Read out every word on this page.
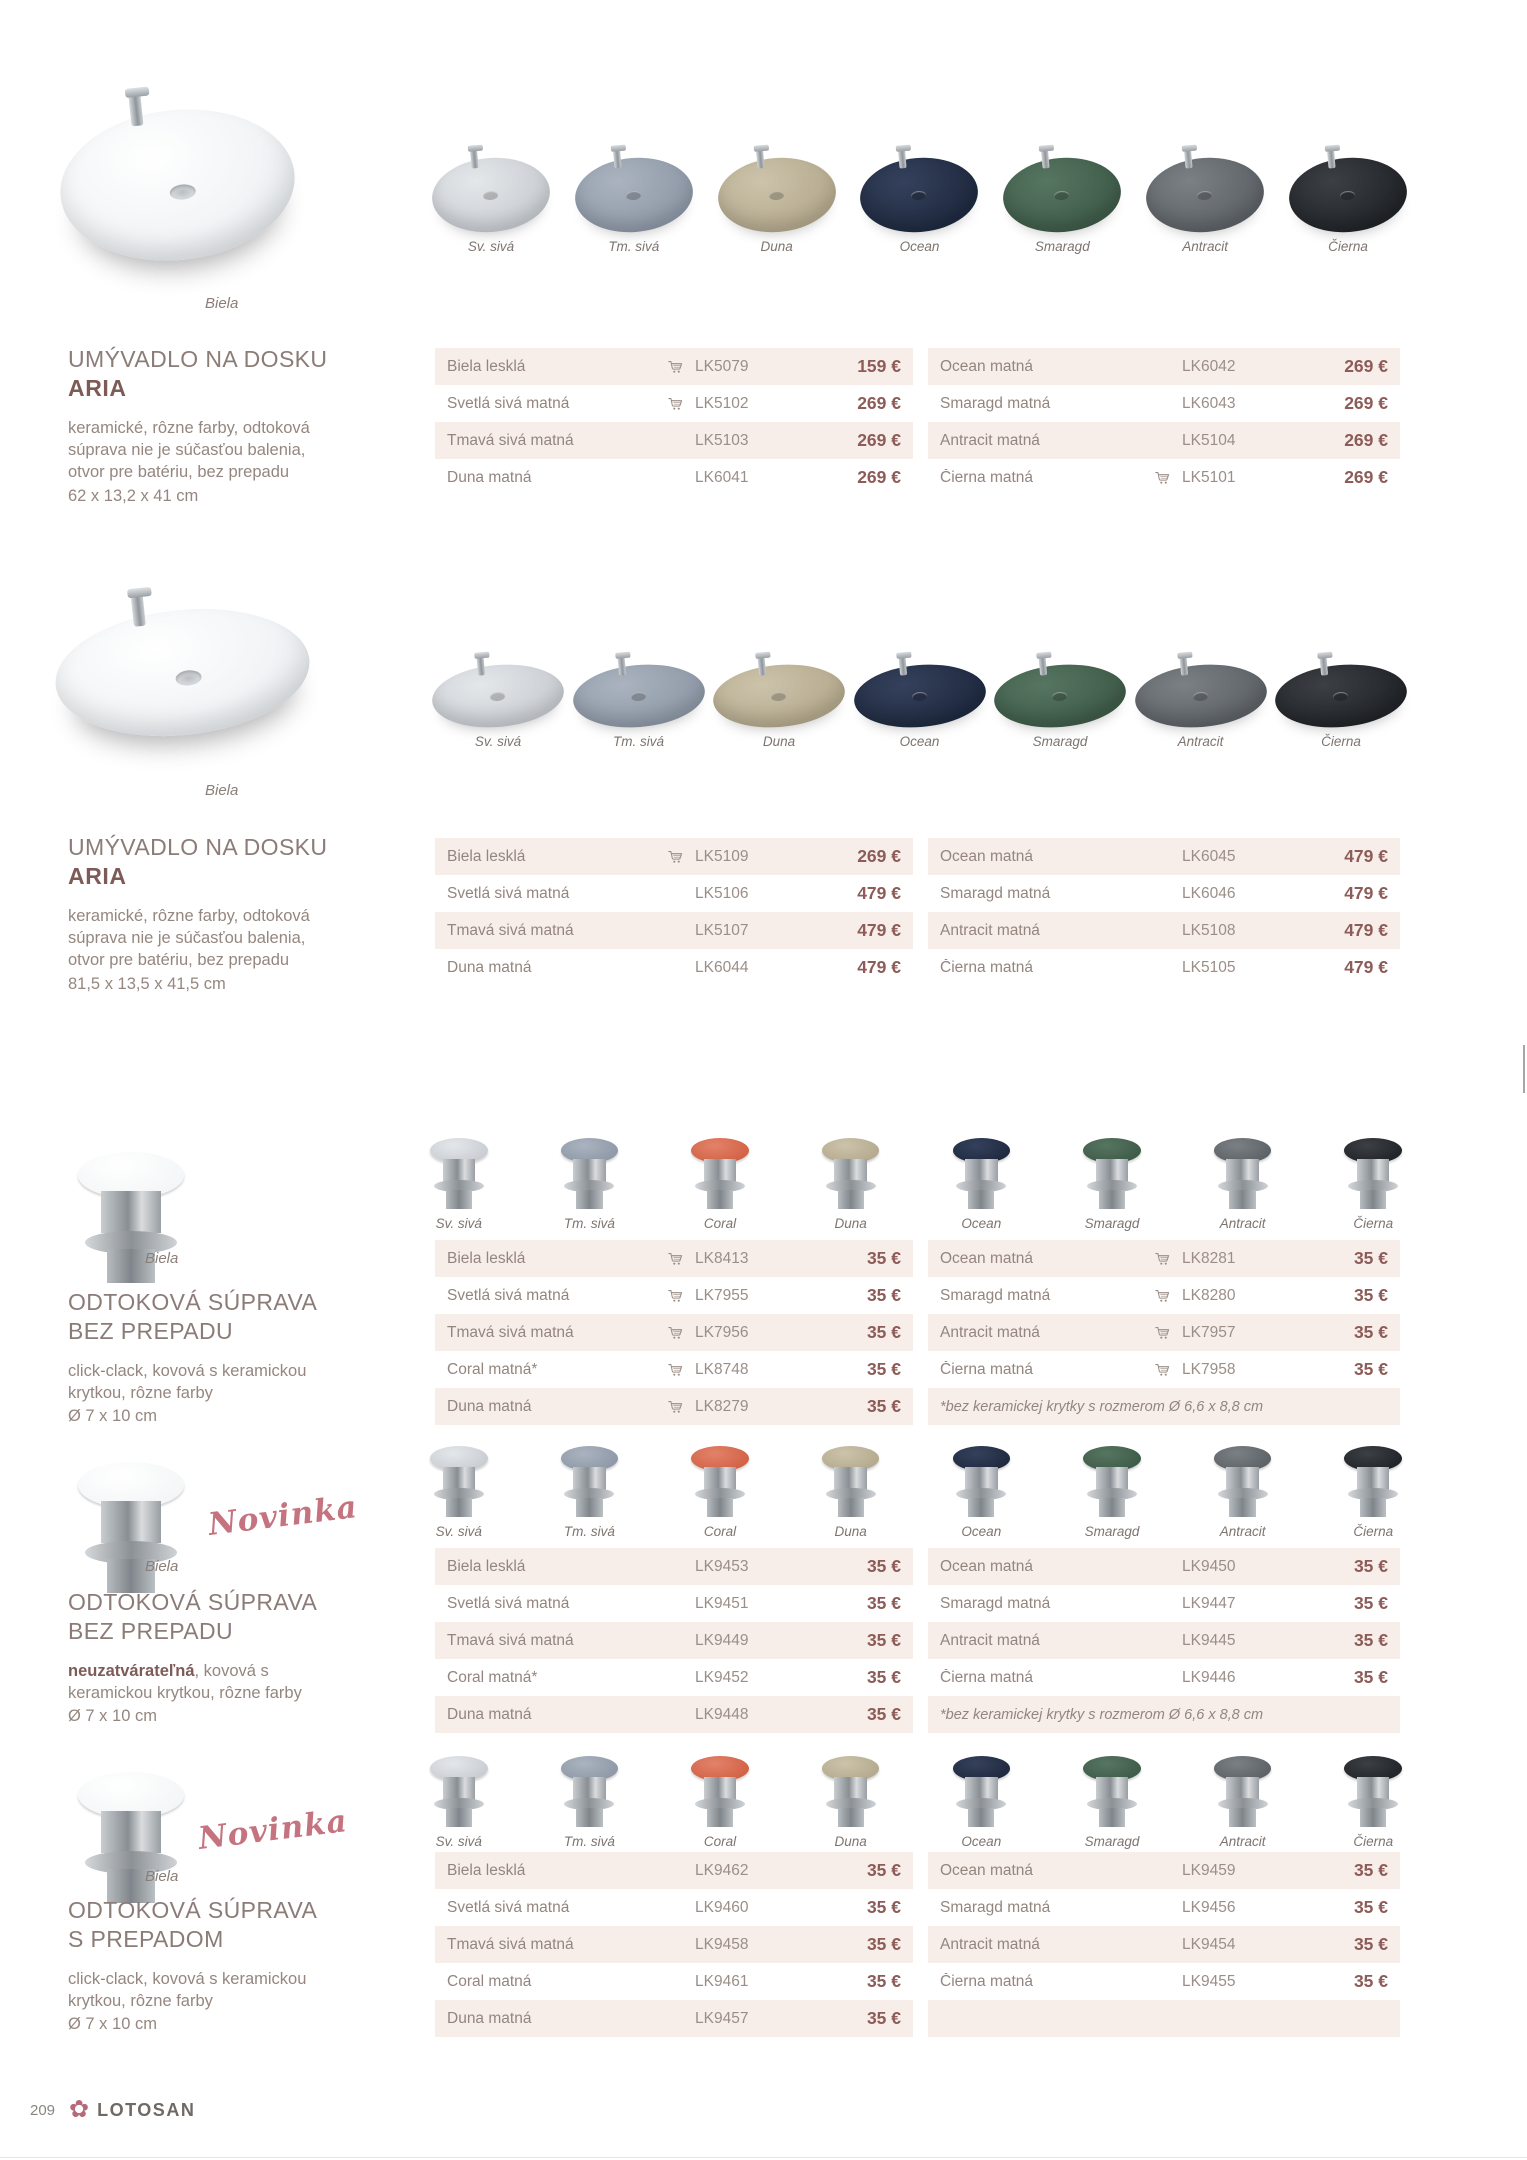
Biela

UMÝVADLO NA DOSKU

ARIA

keramické, rôzne farby, odtoková súprava nie je súčasťou balenia, otvor pre batériu, bez prepadu

62 x 13,2 x 41 cm

Sv. sivá	Tm. sivá	Duna	Ocean	Smaragd	Antracit	Čierna
Biela lesklá	LK5079	159 €
Svetlá sivá matná	LK5102	269 €
Tmavá sivá matná	LK5103	269 €
Duna matná	LK6041	269 €
Ocean matná	LK6042	269 €
Smaragd matná	LK6043	269 €
Antracit matná	LK5104	269 €
Čierna matná	LK5101	269 €
Biela

UMÝVADLO NA DOSKU

ARIA

keramické, rôzne farby, odtoková súprava nie je súčasťou balenia, otvor pre batériu, bez prepadu

81,5 x 13,5 x 41,5 cm

Sv. sivá	Tm. sivá	Duna	Ocean	Smaragd	Antracit	Čierna
Biela lesklá	LK5109	269 €
Svetlá sivá matná	LK5106	479 €
Tmavá sivá matná	LK5107	479 €
Duna matná	LK6044	479 €
Ocean matná	LK6045	479 €
Smaragd matná	LK6046	479 €
Antracit matná	LK5108	479 €
Čierna matná	LK5105	479 €
Biela

ODTOKOVÁ SÚPRAVA

BEZ PREPADU

click-clack, kovová s keramickou krytkou, rôzne farby

Ø 7 x 10 cm

Sv. sivá	Tm. sivá	Coral	Duna	Ocean	Smaragd	Antracit	Čierna
Biela lesklá	LK8413	35 €
Svetlá sivá matná	LK7955	35 €
Tmavá sivá matná	LK7956	35 €
Coral matná*	LK8748	35 €
Duna matná	LK8279	35 €
Ocean matná	LK8281	35 €
Smaragd matná	LK8280	35 €
Antracit matná	LK7957	35 €
Čierna matná	LK7958	35 €
*bez keramickej krytky s rozmerom Ø 6,6 x 8,8 cm
Biela
Novinka

ODTOKOVÁ SÚPRAVA

BEZ PREPADU

neuzatvárateľná, kovová s keramickou krytkou, rôzne farby

Ø 7 x 10 cm

Sv. sivá	Tm. sivá	Coral	Duna	Ocean	Smaragd	Antracit	Čierna
Biela lesklá	LK9453	35 €
Svetlá sivá matná	LK9451	35 €
Tmavá sivá matná	LK9449	35 €
Coral matná*	LK9452	35 €
Duna matná	LK9448	35 €
Ocean matná	LK9450	35 €
Smaragd matná	LK9447	35 €
Antracit matná	LK9445	35 €
Čierna matná	LK9446	35 €
*bez keramickej krytky s rozmerom Ø 6,6 x 8,8 cm
Biela
Novinka

ODTOKOVÁ SÚPRAVA

S PREPADOM

click-clack, kovová s keramickou krytkou, rôzne farby

Ø 7 x 10 cm

Sv. sivá	Tm. sivá	Coral	Duna	Ocean	Smaragd	Antracit	Čierna
Biela lesklá	LK9462	35 €
Svetlá sivá matná	LK9460	35 €
Tmavá sivá matná	LK9458	35 €
Coral matná	LK9461	35 €
Duna matná	LK9457	35 €
Ocean matná	LK9459	35 €
Smaragd matná	LK9456	35 €
Antracit matná	LK9454	35 €
Čierna matná	LK9455	35 €
209 ✿ LOTOSAN
